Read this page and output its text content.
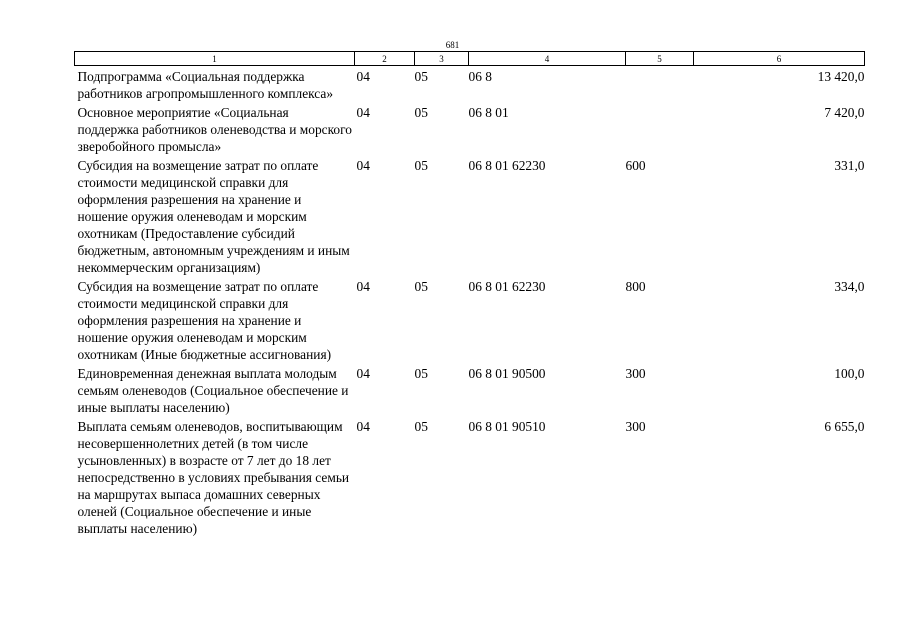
681
1	2	3	4	5	6
Подпрограмма «Социальная поддержка работников агропромышленного комплекса»	04	05	06 8		13 420,0
Основное мероприятие «Социальная поддержка работников оленеводства и морского зверобойного промысла»	04	05	06 8 01		7 420,0
Субсидия на возмещение затрат по оплате стоимости медицинской справки для оформления разрешения на хранение и ношение оружия оленеводам и морским охотникам (Предоставление субсидий бюджетным, автономным учреждениям и иным некоммерческим организациям)	04	05	06 8 01 62230	600	331,0
Субсидия на возмещение затрат по оплате стоимости медицинской справки для оформления разрешения на хранение и ношение оружия оленеводам и морским охотникам (Иные бюджетные ассигнования)	04	05	06 8 01 62230	800	334,0
Единовременная денежная выплата молодым семьям оленеводов (Социальное обеспечение и иные выплаты населению)	04	05	06 8 01 90500	300	100,0
Выплата семьям оленеводов, воспитывающим несовершеннолетних детей (в том числе усыновленных) в возрасте от 7 лет до 18 лет непосредственно в условиях пребывания семьи на маршрутах выпаса домашних северных оленей (Социальное обеспечение и иные выплаты населению)	04	05	06 8 01 90510	300	6 655,0
